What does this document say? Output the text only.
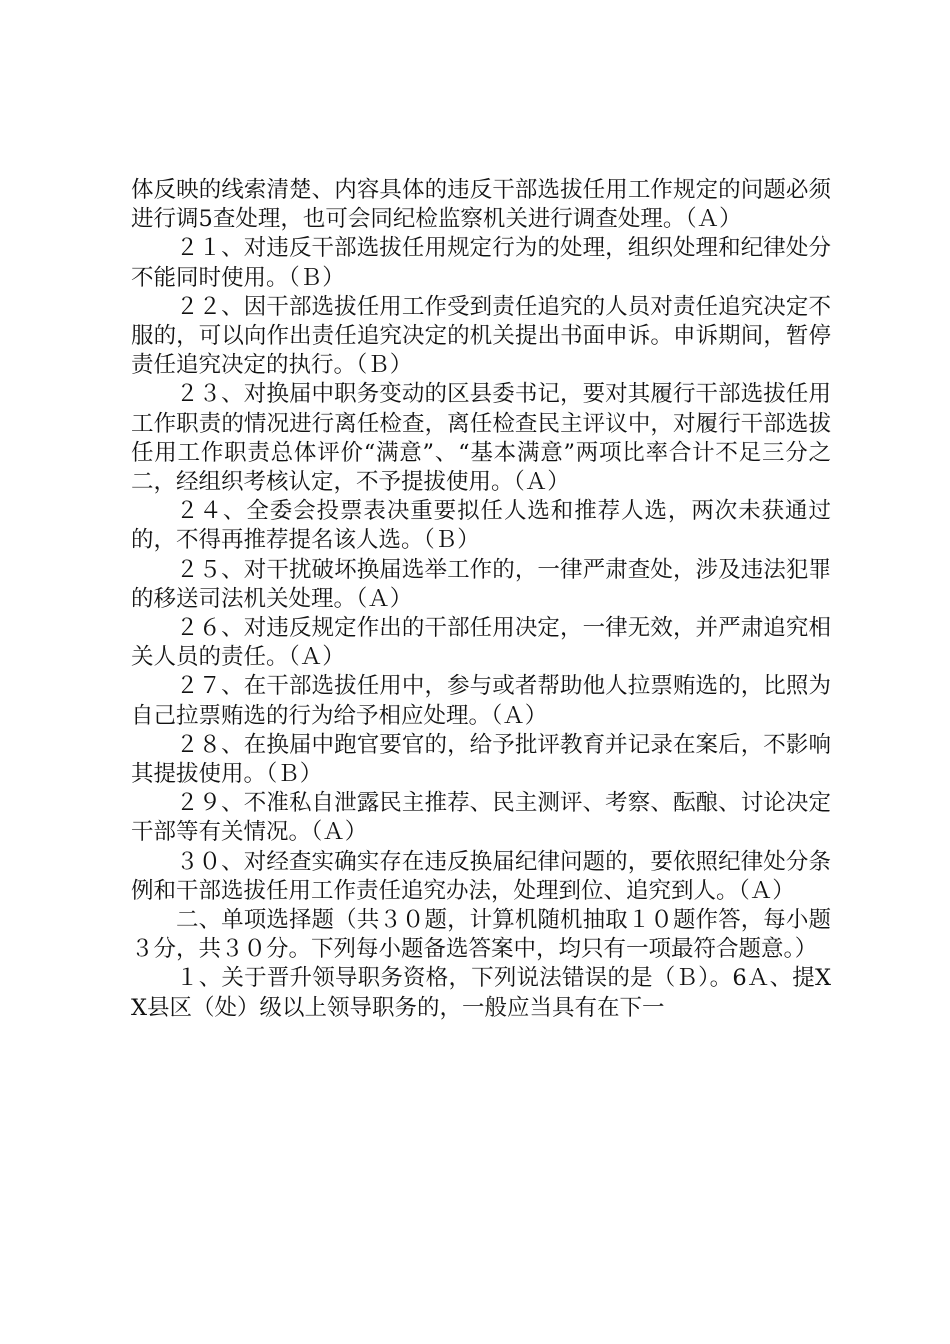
体反映的线索清楚、内容具体的违反干部选拔任用工作规定的问题必须进行调5查处理，也可会同纪检监察机关进行调查处理。（Ａ）

２１、对违反干部选拔任用规定行为的处理，组织处理和纪律处分不能同时使用。（Ｂ）

２２、因干部选拔任用工作受到责任追究的人员对责任追究决定不服的，可以向作出责任追究决定的机关提出书面申诉。申诉期间，暂停责任追究决定的执行。（Ｂ）

２３、对换届中职务变动的区县委书记，要对其履行干部选拔任用工作职责的情况进行离任检查，离任检查民主评议中，对履行干部选拔任用工作职责总体评价“满意”、“基本满意”两项比率合计不足三分之二，经组织考核认定，不予提拔使用。（Ａ）

２４、全委会投票表决重要拟任人选和推荐人选，两次未获通过的，不得再推荐提名该人选。（Ｂ）

２５、对干扰破坏换届选举工作的，一律严肃查处，涉及违法犯罪的移送司法机关处理。（Ａ）

２６、对违反规定作出的干部任用决定，一律无效，并严肃追究相关人员的责任。（Ａ）

２７、在干部选拔任用中，参与或者帮助他人拉票贿选的，比照为自己拉票贿选的行为给予相应处理。（Ａ）

２８、在换届中跑官要官的，给予批评教育并记录在案后，不影响其提拔使用。（Ｂ）

２９、不准私自泄露民主推荐、民主测评、考察、酝酿、讨论决定干部等有关情况。（Ａ）

３０、对经查实确实存在违反换届纪律问题的，要依照纪律处分条例和干部选拔任用工作责任追究办法，处理到位、追究到人。（Ａ）

二、单项选择题（共３０题，计算机随机抽取１０题作答，每小题３分，共３０分。下列每小题备选答案中，均只有一项最符合题意。）

１、关于晋升领导职务资格，下列说法错误的是（Ｂ）。6Ａ、提XX县区（处）级以上领导职务的，一般应当具有在下一
